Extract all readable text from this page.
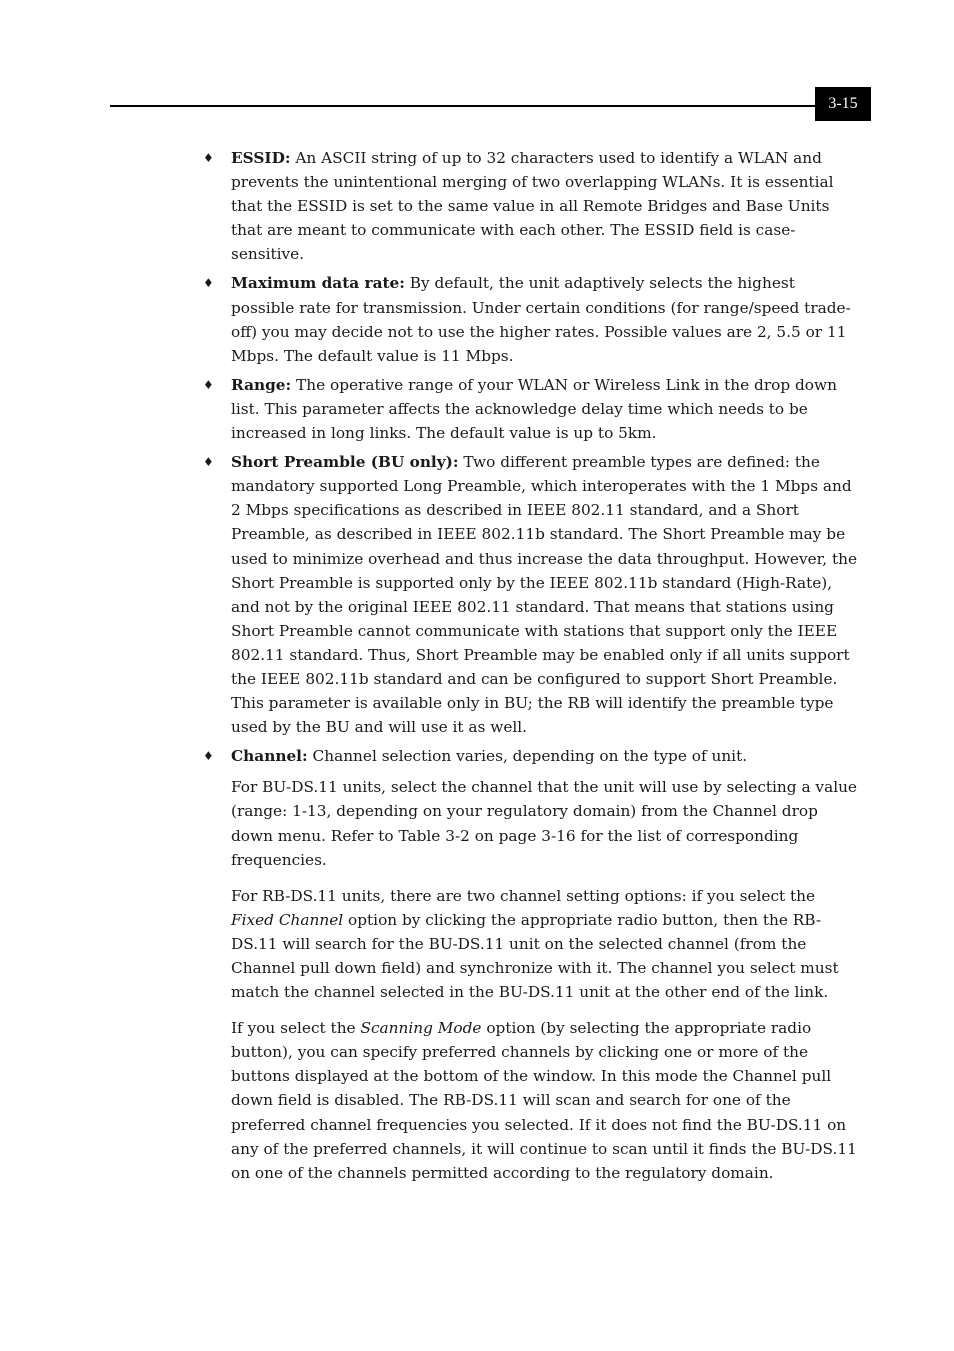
3-15
♦ ESSID: An ASCII string of up to 32 characters used to identify a WLAN and prevents the unintentional merging of two overlapping WLANs. It is essential that the ESSID is set to the same value in all Remote Bridges and Base Units that are meant to communicate with each other. The ESSID field is case-sensitive.
♦ Maximum data rate: By default, the unit adaptively selects the highest possible rate for transmission. Under certain conditions (for range/speed trade-off) you may decide not to use the higher rates. Possible values are 2, 5.5 or 11 Mbps. The default value is 11 Mbps.
♦ Range: The operative range of your WLAN or Wireless Link in the drop down list. This parameter affects the acknowledge delay time which needs to be increased in long links. The default value is up to 5km.
♦ Short Preamble (BU only): Two different preamble types are defined: the mandatory supported Long Preamble, which interoperates with the 1 Mbps and 2 Mbps specifications as described in IEEE 802.11 standard, and a Short Preamble, as described in IEEE 802.11b standard. The Short Preamble may be used to minimize overhead and thus increase the data throughput. However, the Short Preamble is supported only by the IEEE 802.11b standard (High-Rate), and not by the original IEEE 802.11 standard. That means that stations using Short Preamble cannot communicate with stations that support only the IEEE 802.11 standard. Thus, Short Preamble may be enabled only if all units support the IEEE 802.11b standard and can be configured to support Short Preamble. This parameter is available only in BU; the RB will identify the preamble type used by the BU and will use it as well.
♦ Channel: Channel selection varies, depending on the type of unit.

For BU-DS.11 units, select the channel that the unit will use by selecting a value (range: 1-13, depending on your regulatory domain) from the Channel drop down menu. Refer to Table 3-2 on page 3-16 for the list of corresponding frequencies.

For RB-DS.11 units, there are two channel setting options: if you select the Fixed Channel option by clicking the appropriate radio button, then the RB-DS.11 will search for the BU-DS.11 unit on the selected channel (from the Channel pull down field) and synchronize with it. The channel you select must match the channel selected in the BU-DS.11 unit at the other end of the link.

If you select the Scanning Mode option (by selecting the appropriate radio button), you can specify preferred channels by clicking one or more of the buttons displayed at the bottom of the window. In this mode the Channel pull down field is disabled. The RB-DS.11 will scan and search for one of the preferred channel frequencies you selected. If it does not find the BU-DS.11 on any of the preferred channels, it will continue to scan until it finds the BU-DS.11 on one of the channels permitted according to the regulatory domain.
